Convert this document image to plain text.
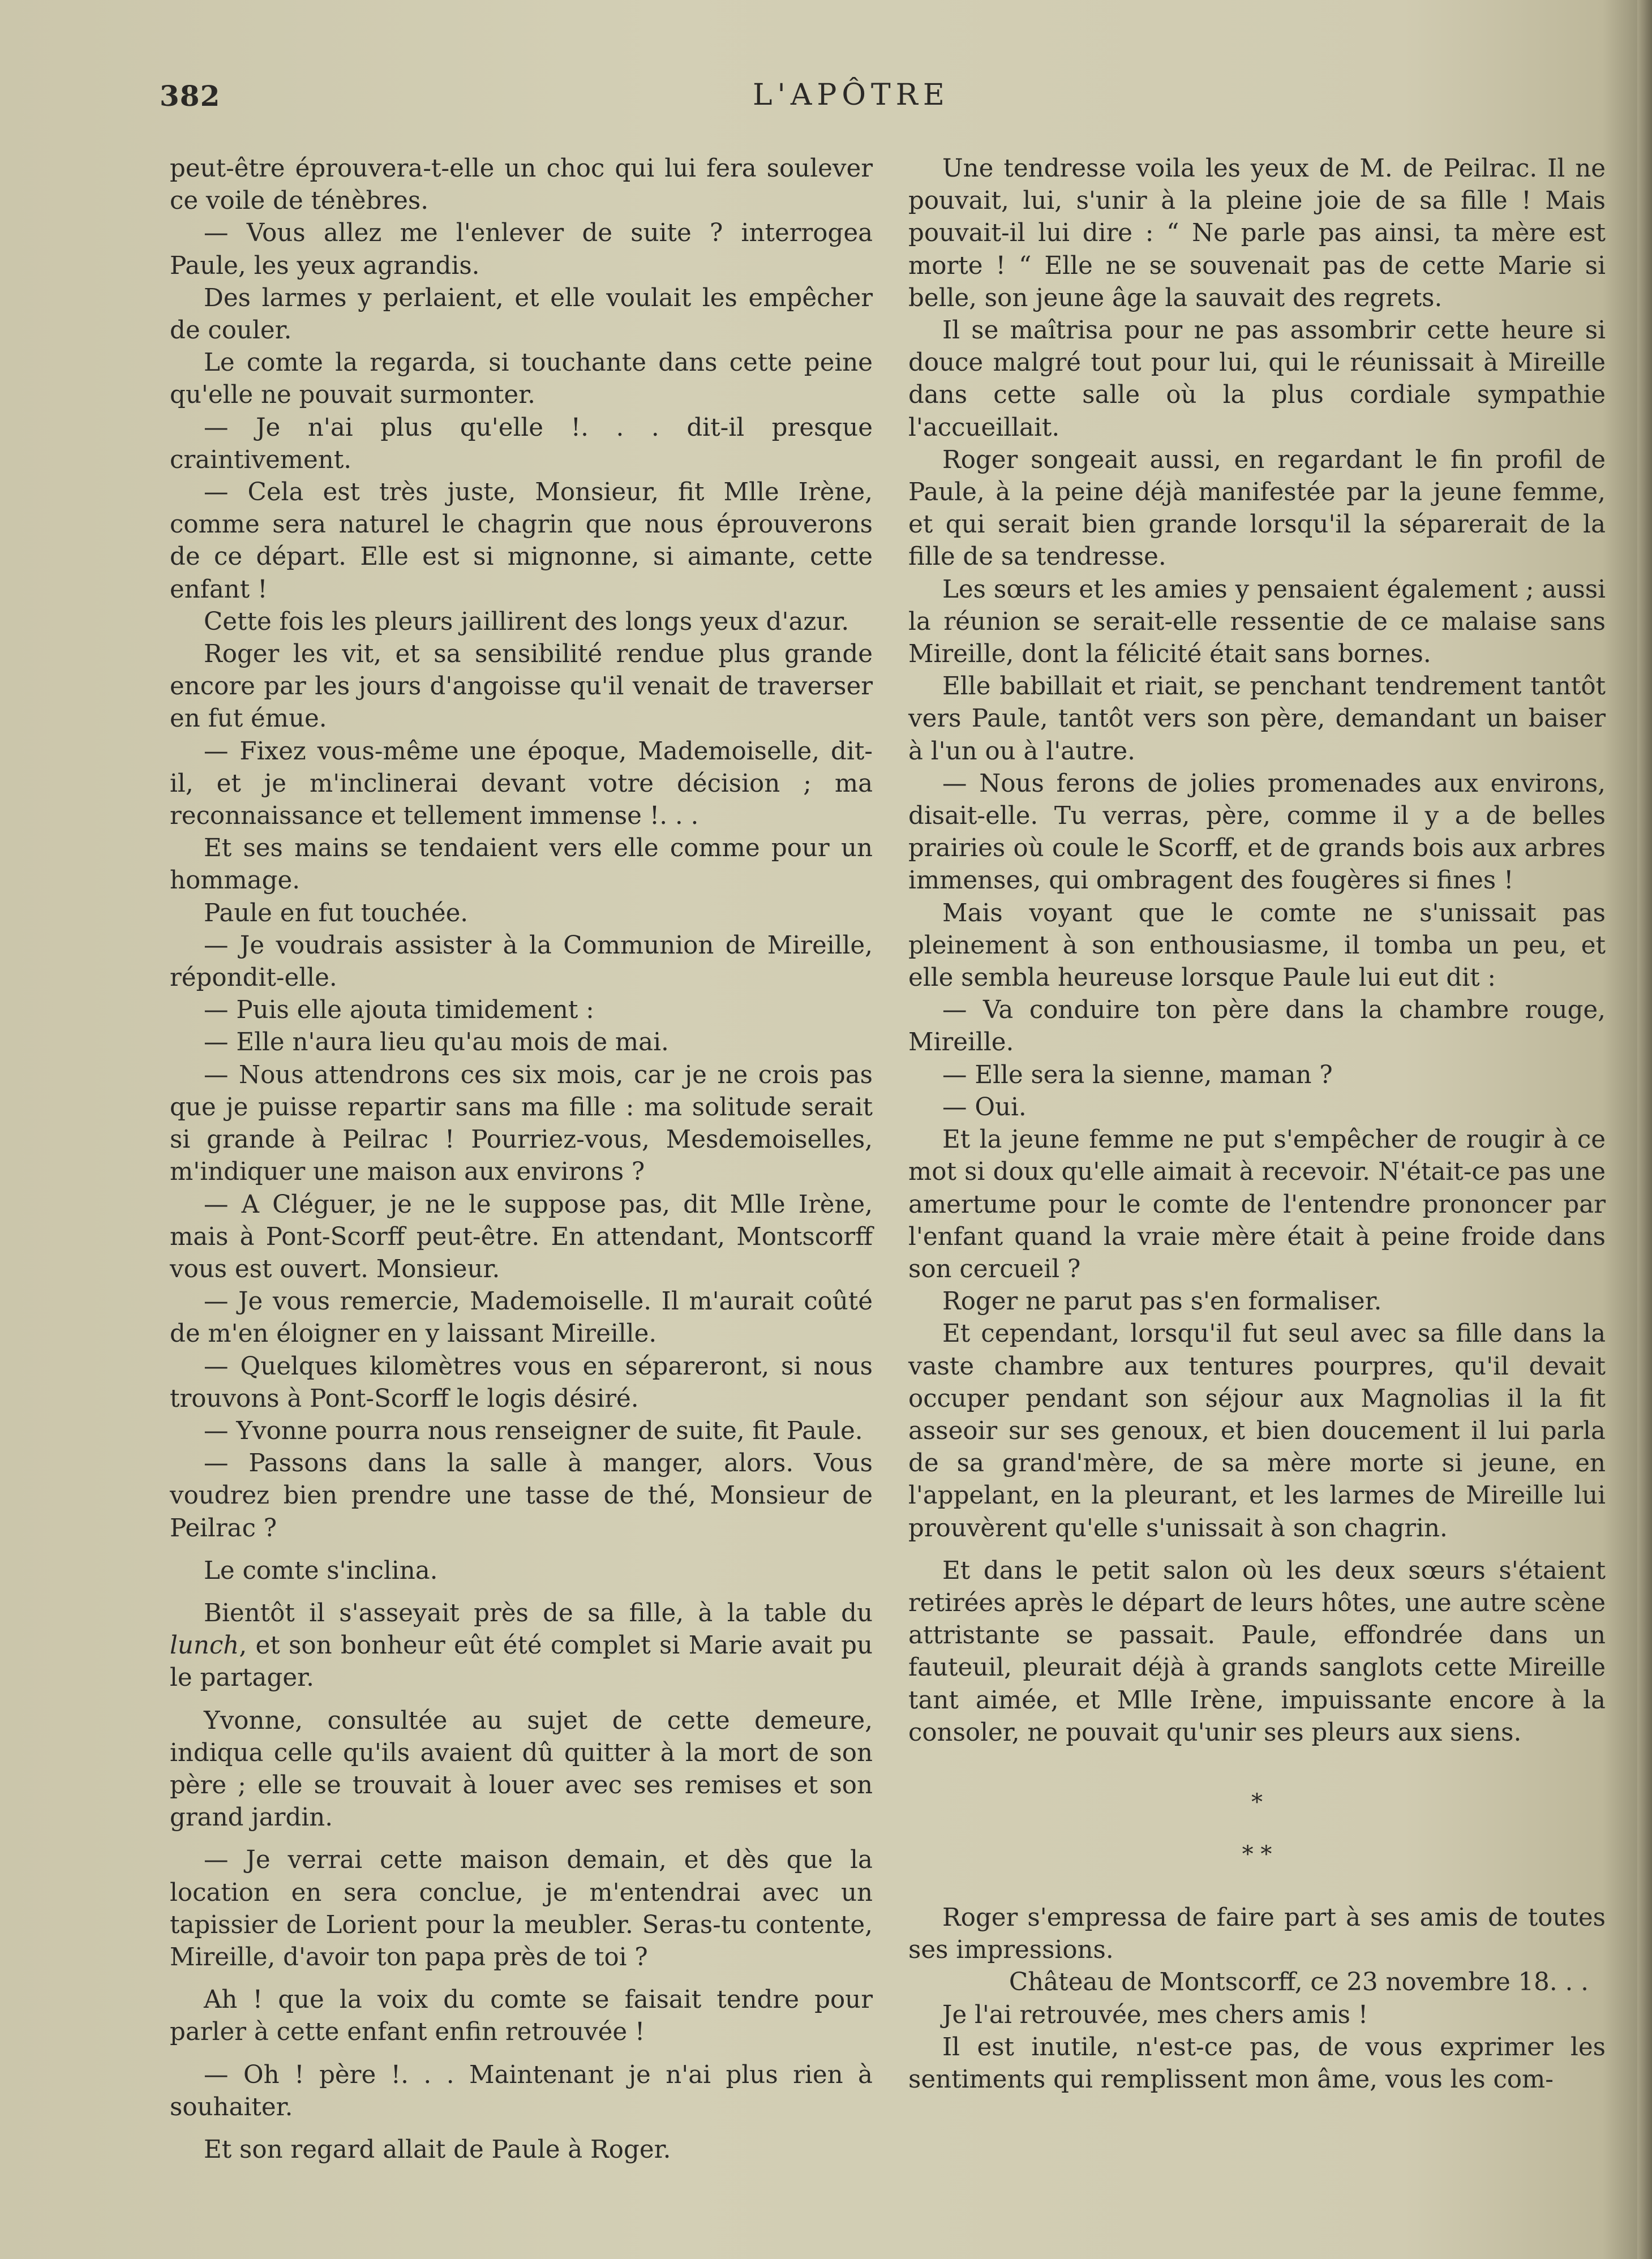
382	L'APÔTRE

peut-être éprouvera-t-elle un choc qui lui fera soulever ce voile de ténèbres.

— Vous allez me l'enlever de suite ? interrogea Paule, les yeux agrandis.

Des larmes y perlaient, et elle voulait les empêcher de couler.

Le comte la regarda, si touchante dans cette peine qu'elle ne pouvait surmonter.

— Je n'ai plus qu'elle !. . . dit-il presque craintivement.

— Cela est très juste, Monsieur, fit Mlle Irène, comme sera naturel le chagrin que nous éprouverons de ce départ. Elle est si mignonne, si aimante, cette enfant !

Cette fois les pleurs jaillirent des longs yeux d'azur.

Roger les vit, et sa sensibilité rendue plus grande encore par les jours d'angoisse qu'il venait de traverser en fut émue.

— Fixez vous-même une époque, Mademoiselle, dit-il, et je m'inclinerai devant votre décision ; ma reconnaissance et tellement immense !. . .

Et ses mains se tendaient vers elle comme pour un hommage.

Paule en fut touchée.

— Je voudrais assister à la Communion de Mireille, répondit-elle.

— Puis elle ajouta timidement :

— Elle n'aura lieu qu'au mois de mai.

— Nous attendrons ces six mois, car je ne crois pas que je puisse repartir sans ma fille : ma solitude serait si grande à Peilrac ! Pourriez-vous, Mesdemoiselles, m'indiquer une maison aux environs ?

— A Cléguer, je ne le suppose pas, dit Mlle Irène, mais à Pont-Scorff peut-être. En attendant, Montscorff vous est ouvert. Monsieur.

— Je vous remercie, Mademoiselle. Il m'aurait coûté de m'en éloigner en y laissant Mireille.

— Quelques kilomètres vous en sépareront, si nous trouvons à Pont-Scorff le logis désiré.

— Yvonne pourra nous renseigner de suite, fit Paule.

— Passons dans la salle à manger, alors. Vous voudrez bien prendre une tasse de thé, Monsieur de Peilrac ?

Le comte s'inclina.

Bientôt il s'asseyait près de sa fille, à la table du lunch, et son bonheur eût été complet si Marie avait pu le partager.

Yvonne, consultée au sujet de cette demeure, indiqua celle qu'ils avaient dû quitter à la mort de son père ; elle se trouvait à louer avec ses remises et son grand jardin.

— Je verrai cette maison demain, et dès que la location en sera conclue, je m'entendrai avec un tapissier de Lorient pour la meubler. Seras-tu contente, Mireille, d'avoir ton papa près de toi ?

Ah ! que la voix du comte se faisait tendre pour parler à cette enfant enfin retrouvée !

— Oh ! père !. . . Maintenant je n'ai plus rien à souhaiter.

Et son regard allait de Paule à Roger.

Une tendresse voila les yeux de M. de Peilrac. Il ne pouvait, lui, s'unir à la pleine joie de sa fille ! Mais pouvait-il lui dire : “ Ne parle pas ainsi, ta mère est morte ! “ Elle ne se souvenait pas de cette Marie si belle, son jeune âge la sauvait des regrets.

Il se maîtrisa pour ne pas assombrir cette heure si douce malgré tout pour lui, qui le réunissait à Mireille dans cette salle où la plus cordiale sympathie l'accueillait.

Roger songeait aussi, en regardant le fin profil de Paule, à la peine déjà manifestée par la jeune femme, et qui serait bien grande lorsqu'il la séparerait de la fille de sa tendresse.

Les sœurs et les amies y pensaient également ; aussi la réunion se serait-elle ressentie de ce malaise sans Mireille, dont la félicité était sans bornes.

Elle babillait et riait, se penchant tendrement tantôt vers Paule, tantôt vers son père, demandant un baiser à l'un ou à l'autre.

— Nous ferons de jolies promenades aux environs, disait-elle. Tu verras, père, comme il y a de belles prairies où coule le Scorff, et de grands bois aux arbres immenses, qui ombragent des fougères si fines !

Mais voyant que le comte ne s'unissait pas pleinement à son enthousiasme, il tomba un peu, et elle sembla heureuse lorsque Paule lui eut dit :

— Va conduire ton père dans la chambre rouge, Mireille.

— Elle sera la sienne, maman ?

— Oui.

Et la jeune femme ne put s'empêcher de rougir à ce mot si doux qu'elle aimait à recevoir. N'était-ce pas une amertume pour le comte de l'entendre prononcer par l'enfant quand la vraie mère était à peine froide dans son cercueil ?

Roger ne parut pas s'en formaliser.

Et cependant, lorsqu'il fut seul avec sa fille dans la vaste chambre aux tentures pourpres, qu'il devait occuper pendant son séjour aux Magnolias il la fit asseoir sur ses genoux, et bien doucement il lui parla de sa grand'mère, de sa mère morte si jeune, en l'appelant, en la pleurant, et les larmes de Mireille lui prouvèrent qu'elle s'unissait à son chagrin.

Et dans le petit salon où les deux sœurs s'étaient retirées après le départ de leurs hôtes, une autre scène attristante se passait. Paule, effondrée dans un fauteuil, pleurait déjà à grands sanglots cette Mireille tant aimée, et Mlle Irène, impuissante encore à la consoler, ne pouvait qu'unir ses pleurs aux siens.

*
* *

Roger s'empressa de faire part à ses amis de toutes ses impressions.

Château de Montscorff, ce 23 novembre 18. . .

Je l'ai retrouvée, mes chers amis !

Il est inutile, n'est-ce pas, de vous exprimer les sentiments qui remplissent mon âme, vous les com-
